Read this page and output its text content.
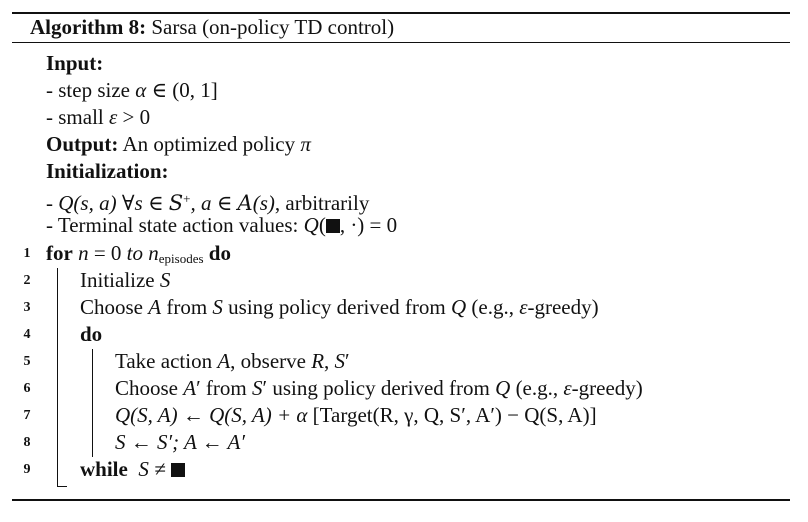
Algorithm 8: Sarsa (on-policy TD control)
Input:
- step size α ∈ (0, 1]
- small ε > 0
Output: An optimized policy π
Initialization:
- Q(s, a) ∀s ∈ S+, a ∈ A(s), arbitrarily
- Terminal state action values: Q( , ·) = 0
1
2
3
4
5
6
7
8
9
for n = 0 to $n_{episodes}$ do
Initialize S
Choose A from S using policy derived from Q (e.g., ε-greedy)
do
Take action A, observe R, S′
Choose A′ from S′ using policy derived from Q (e.g., ε-greedy)
Q(S, A) ← Q(S, A) + α [Target(R, γ, Q, S′, A′) − Q(S, A)]
S ← S′; A ← A′
while S ≠
